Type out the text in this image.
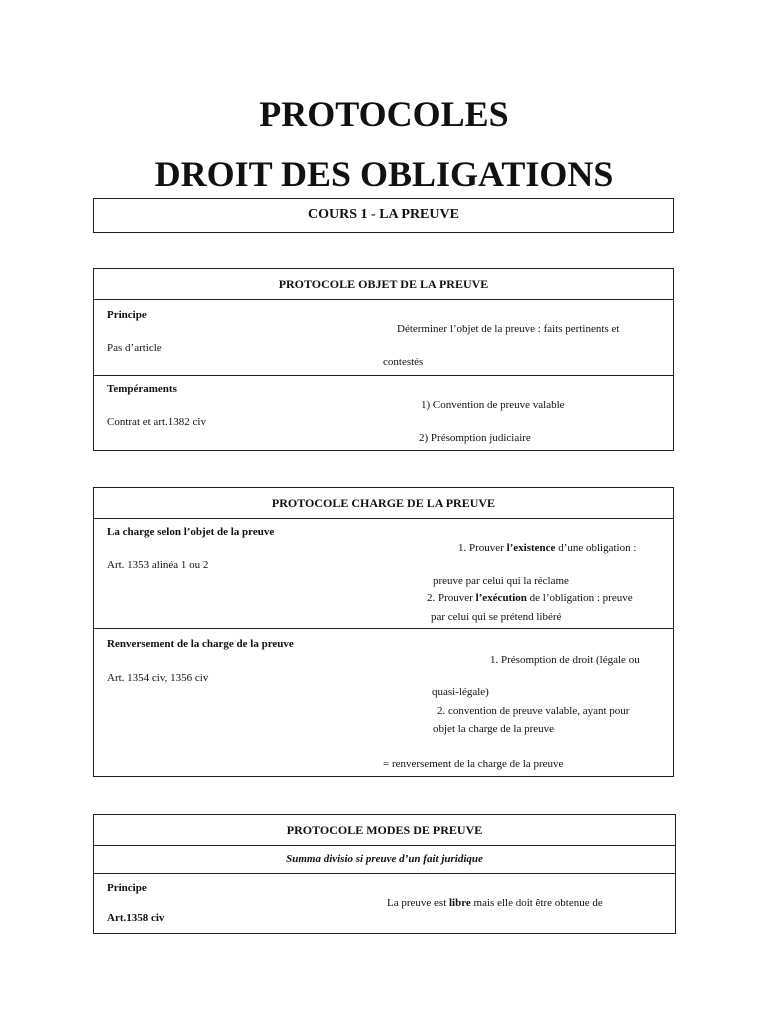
PROTOCOLES
DROIT DES OBLIGATIONS
COURS 1 - LA PREUVE
PROTOCOLE OBJET DE LA PREUVE
Principe
Pas d’article
Déterminer l’objet de la preuve : faits pertinents et
contestés
Tempéraments
Contrat et art.1382 civ
1) Convention de preuve valable
2) Présomption judiciaire
PROTOCOLE CHARGE DE LA PREUVE
La charge selon l’objet de la preuve
Art. 1353 alinéa 1 ou 2
1. Prouver l’existence d’une obligation :
preuve par celui qui la réclame
2. Prouver l’exécution de l’obligation : preuve
par celui qui se prétend libéré
Renversement de la charge de la preuve
Art. 1354 civ, 1356 civ
1. Présomption de droit (légale ou
quasi-légale)
2. convention de preuve valable, ayant pour
objet la charge de la preuve
= renversement de la charge de la preuve
PROTOCOLE MODES DE PREUVE
Summa divisio si preuve d’un fait juridique
Principe
Art.1358 civ
La preuve est libre mais elle doit être obtenue de
